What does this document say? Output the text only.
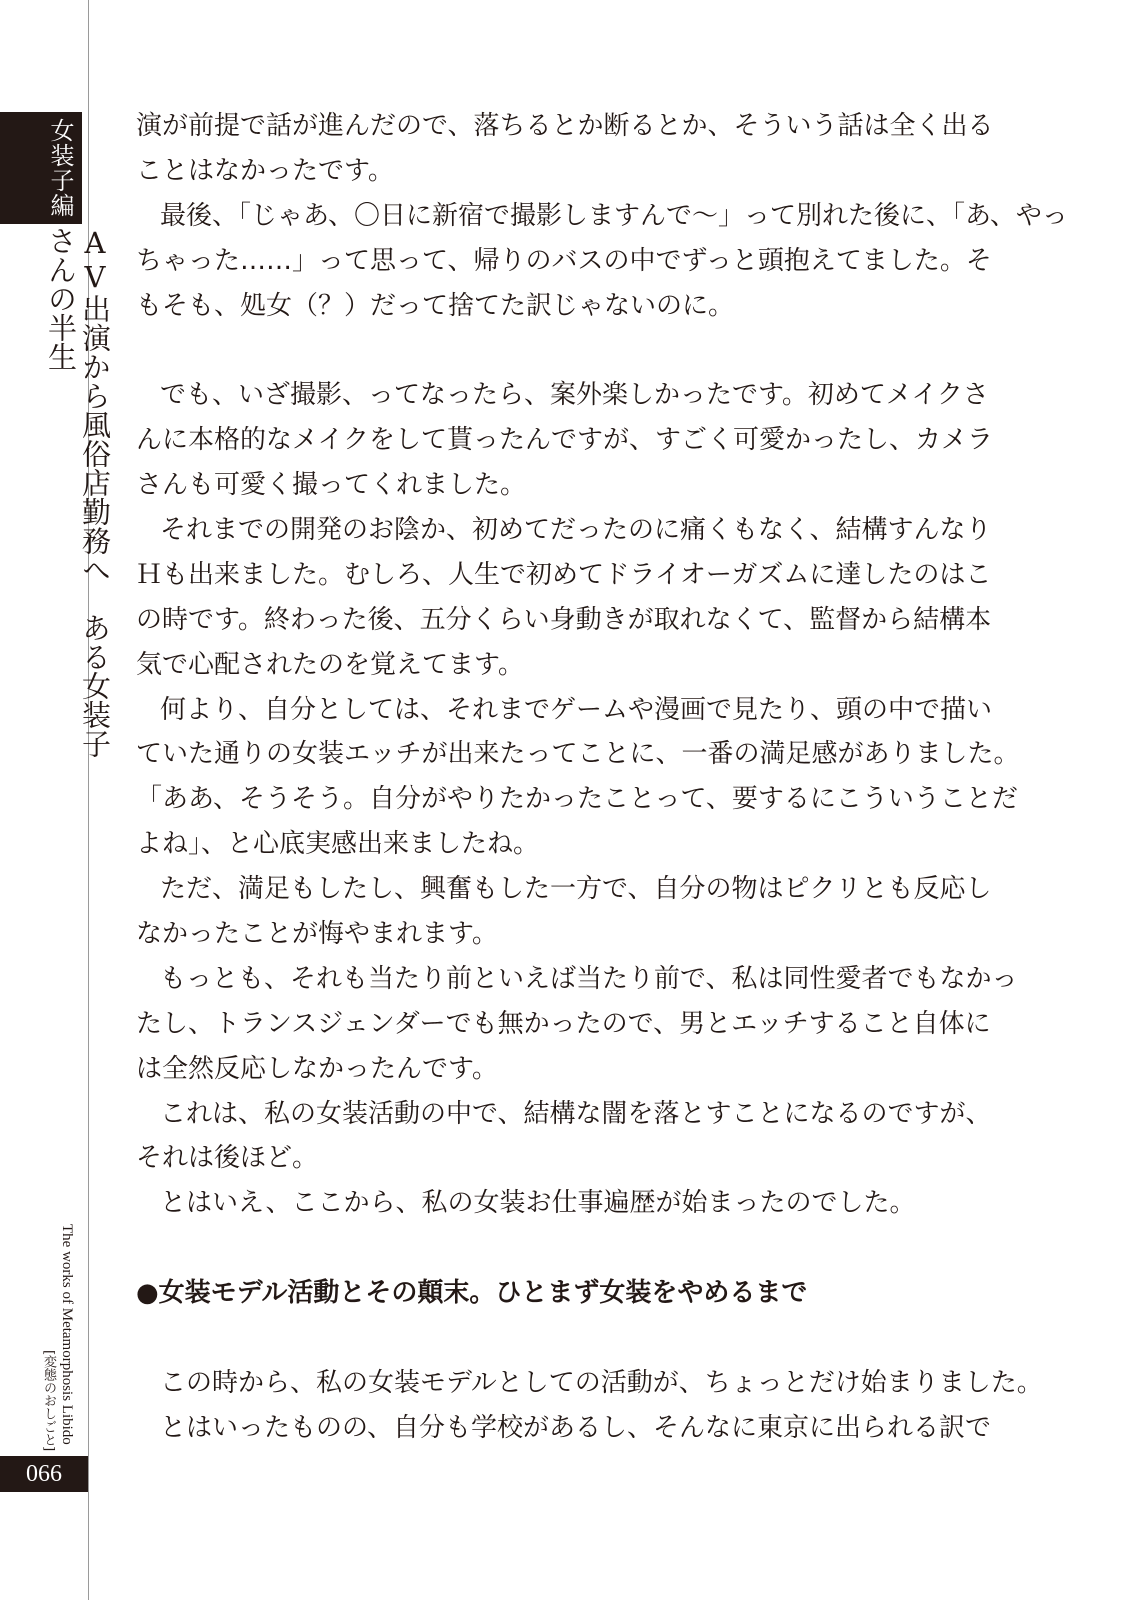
女装子編
AV出演から風俗店勤務へ　ある女装子さんの半生
The works of Metamorphosis Libido
[変態のおしごと]
066
演が前提で話が進んだので、落ちるとか断るとか、そういう話は全く出る
ことはなかったです。
最後、「じゃあ、〇日に新宿で撮影しますんで〜」って別れた後に、「あ、やっ
ちゃった……」って思って、帰りのバスの中でずっと頭抱えてました。そ
もそも、処女（？）だって捨てた訳じゃないのに。
でも、いざ撮影、ってなったら、案外楽しかったです。初めてメイクさ
んに本格的なメイクをして貰ったんですが、すごく可愛かったし、カメラ
さんも可愛く撮ってくれました。
それまでの開発のお陰か、初めてだったのに痛くもなく、結構すんなり
Ｈも出来ました。むしろ、人生で初めてドライオーガズムに達したのはこ
の時です。終わった後、五分くらい身動きが取れなくて、監督から結構本
気で心配されたのを覚えてます。
何より、自分としては、それまでゲームや漫画で見たり、頭の中で描い
ていた通りの女装エッチが出来たってことに、一番の満足感がありました。
「ああ、そうそう。自分がやりたかったことって、要するにこういうことだ
よね」、と心底実感出来ましたね。
ただ、満足もしたし、興奮もした一方で、自分の物はピクリとも反応し
なかったことが悔やまれます。
もっとも、それも当たり前といえば当たり前で、私は同性愛者でもなかっ
たし、トランスジェンダーでも無かったので、男とエッチすること自体に
は全然反応しなかったんです。
これは、私の女装活動の中で、結構な闇を落とすことになるのですが、
それは後ほど。
とはいえ、ここから、私の女装お仕事遍歴が始まったのでした。
●女装モデル活動とその顛末。ひとまず女装をやめるまで
この時から、私の女装モデルとしての活動が、ちょっとだけ始まりました。
とはいったものの、自分も学校があるし、そんなに東京に出られる訳で
